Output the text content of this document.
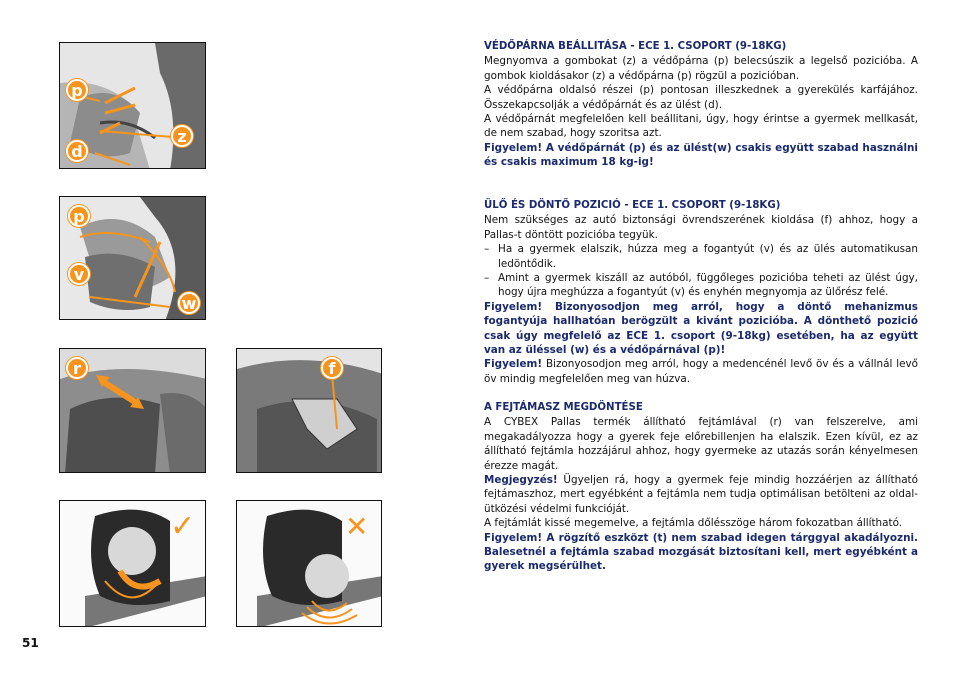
p
z
d
p
v
w
r	f
✓	✕
VÉDŐPÁRNA BEÁLLITÁSA - ECE 1. CSOPORT (9-18KG)

Megnyomva a gombokat (z) a védőpárna (p) belecsúszik a legelső pozicióba. A gombok kioldásakor (z) a védőpárna (p) rögzül a pozicióban.

A védőpárna oldalsó részei (p) pontosan illeszkednek a gyerekülés karfájához. Összekapcsolják a védőpárnát és az ülést (d).

A védőpárnát megfelelően kell beállitani, úgy, hogy érintse a gyermek mellkasát, de nem szabad, hogy szoritsa azt.

Figyelem! A védőpárnát (p) és az ülést(w) csakis együtt szabad használni és csakis maximum 18 kg-ig!

ÜLŐ ÉS DÖNTŐ POZICIÓ - ECE 1. CSOPORT (9-18KG)

Nem szükséges az autó biztonsági övrendszerének kioldása (f) ahhoz, hogy a Pallas-t döntött pozicióba tegyük.

– Ha a gyermek elalszik, húzza meg a fogantyút (v) és az ülés automatikusan ledöntődik.
– Amint a gyermek kiszáll az autóból, függőleges pozicióba teheti az ülést úgy, hogy újra meghúzza a fogantyút (v) és enyhén megnyomja az ülőrész felé.

Figyelem! Bizonyosodjon meg arról, hogy a döntő mehanizmus fogantyúja hallhatóan berögzült a kivánt pozicióba. A dönthető pozició csak úgy megfelelő az ECE 1. csoport (9-18kg) esetében, ha az együtt van az üléssel (w) és a védőpárnával (p)!

Figyelem! Bizonyosodjon meg arról, hogy a medencénél levő öv és a vállnál levő öv mindig megfelelően meg van húzva.

A FEJTÁMASZ MEGDÖNTÉSE

A CYBEX Pallas termék állítható fejtámlával (r) van felszerelve, ami megakadályozza hogy a gyerek feje előrebillenjen ha elalszik. Ezen kívül, ez az állítható fejtámla hozzájárul ahhoz, hogy gyermeke az utazás során kényelmesen érezze magát.

Megjegyzés! Ügyeljen rá, hogy a gyermek feje mindig hozzáérjen az állítható fejtámaszhoz, mert egyébként a fejtámla nem tudja optimálisan betölteni az oldal-ütközési védelmi funkcióját.

A fejtámlát kissé megemelve, a fejtámla dőlésszöge három fokozatban állítható.

Figyelem! A rögzítő eszközt (t) nem szabad idegen tárggyal akadályozni. Balesetnél a fejtámla szabad mozgását biztosítani kell, mert egyébként a gyerek megsérülhet.

51
